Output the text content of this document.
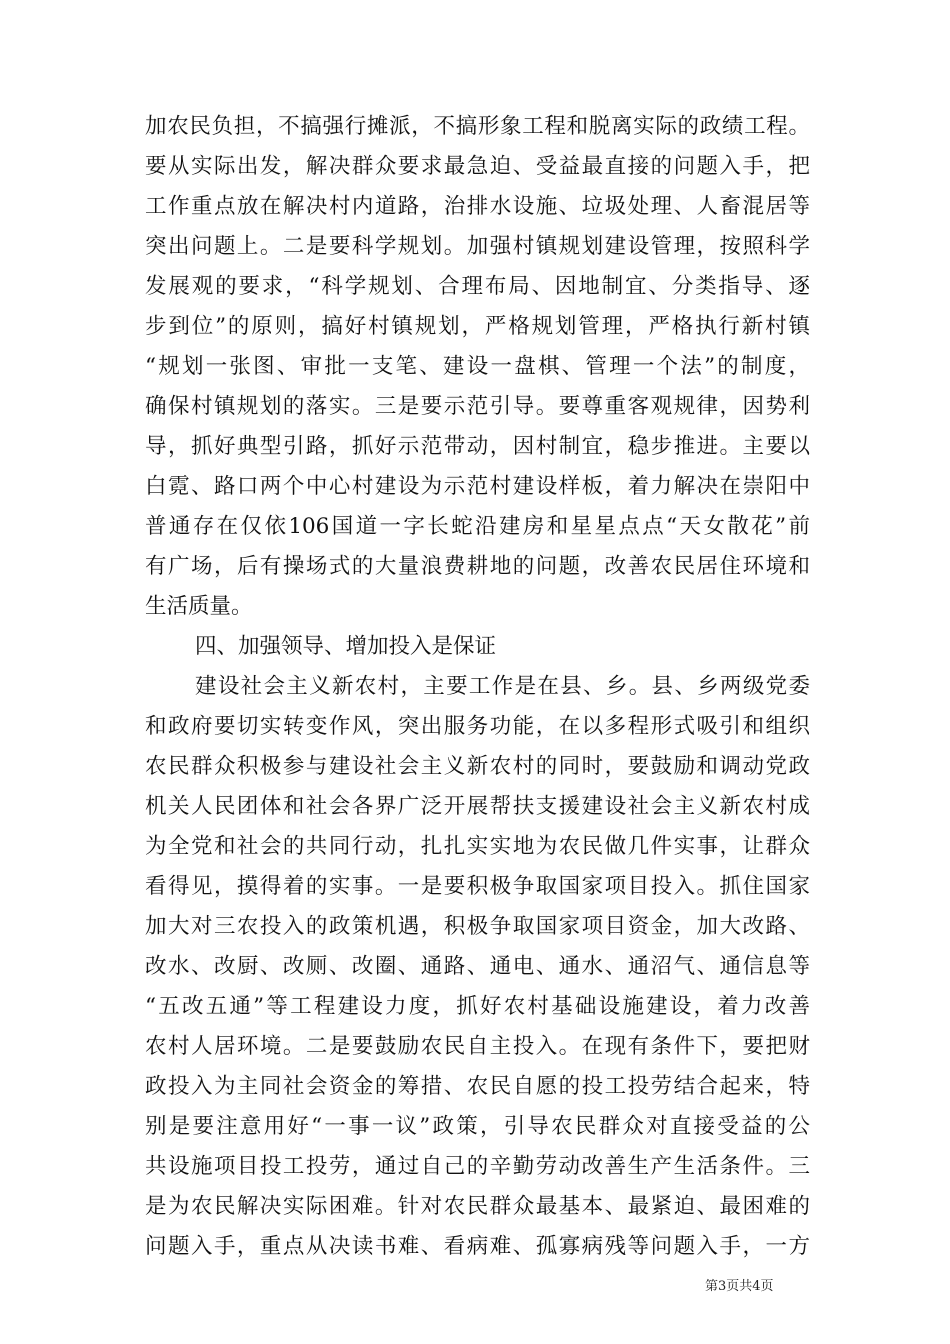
加农民负担，不搞强行摊派，不搞形象工程和脱离实际的政绩工程。
要从实际出发，解决群众要求最急迫、受益最直接的问题入手，把
工作重点放在解决村内道路，治排水设施、垃圾处理、人畜混居等
突出问题上。二是要科学规划。加强村镇规划建设管理，按照科学
发展观的要求，“科学规划、合理布局、因地制宜、分类指导、逐
步到位”的原则，搞好村镇规划，严格规划管理，严格执行新村镇
“规划一张图、审批一支笔、建设一盘棋、管理一个法”的制度，
确保村镇规划的落实。三是要示范引导。要尊重客观规律，因势利
导，抓好典型引路，抓好示范带动，因村制宜，稳步推进。主要以
白霓、路口两个中心村建设为示范村建设样板，着力解决在崇阳中
普通存在仅依106国道一字长蛇沿建房和星星点点“天女散花”前
有广场，后有操场式的大量浪费耕地的问题，改善农民居住环境和
生活质量。
四、加强领导、增加投入是保证
建设社会主义新农村，主要工作是在县、乡。县、乡两级党委
和政府要切实转变作风，突出服务功能，在以多程形式吸引和组织
农民群众积极参与建设社会主义新农村的同时，要鼓励和调动党政
机关人民团体和社会各界广泛开展帮扶支援建设社会主义新农村成
为全党和社会的共同行动，扎扎实实地为农民做几件实事，让群众
看得见，摸得着的实事。一是要积极争取国家项目投入。抓住国家
加大对三农投入的政策机遇，积极争取国家项目资金，加大改路、
改水、改厨、改厕、改圈、通路、通电、通水、通沼气、通信息等
“五改五通”等工程建设力度，抓好农村基础设施建设，着力改善
农村人居环境。二是要鼓励农民自主投入。在现有条件下，要把财
政投入为主同社会资金的筹措、农民自愿的投工投劳结合起来，特
别是要注意用好“一事一议”政策，引导农民群众对直接受益的公
共设施项目投工投劳，通过自己的辛勤劳动改善生产生活条件。三
是为农民解决实际困难。针对农民群众最基本、最紧迫、最困难的
问题入手，重点从决读书难、看病难、孤寡病残等问题入手，一方
第3页共4页
